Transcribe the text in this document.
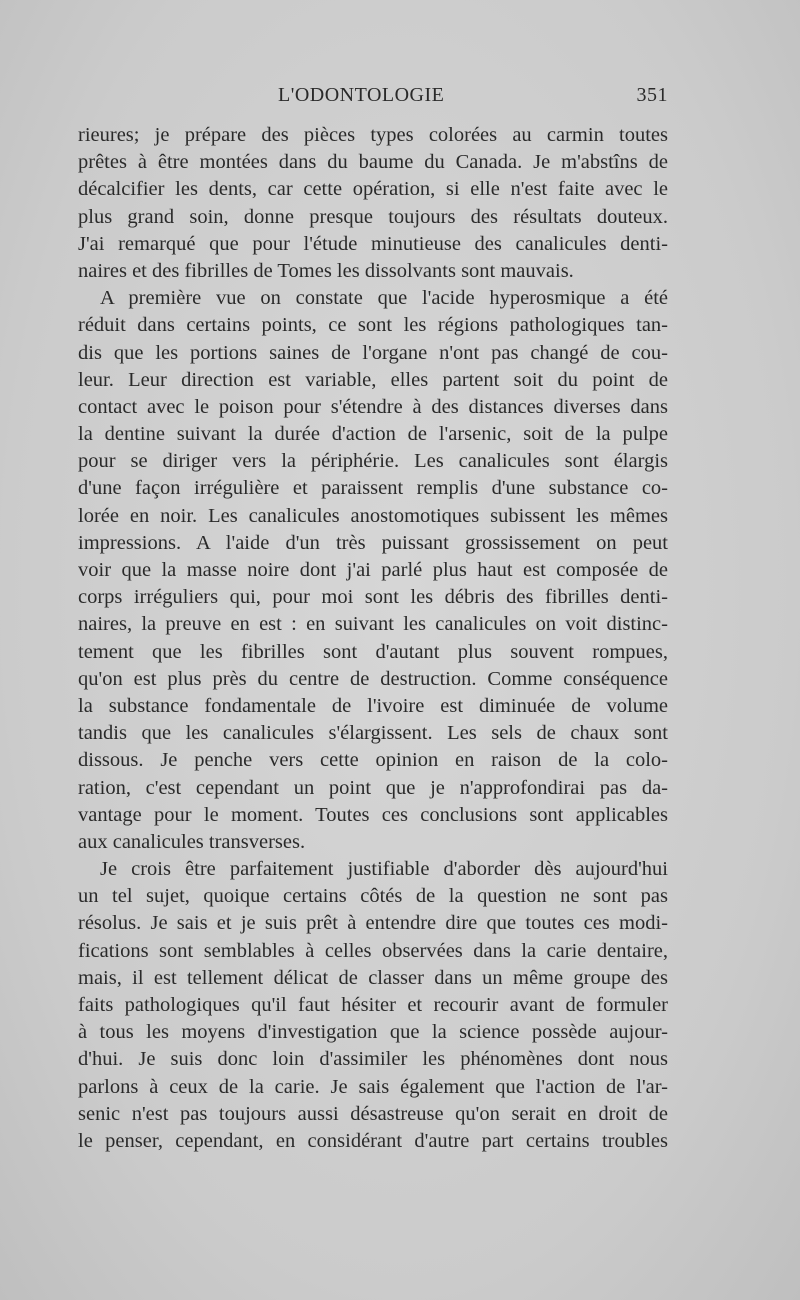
L'ODONTOLOGIE	351
rieures; je prépare des pièces types colorées au carmin toutes
prêtes à être montées dans du baume du Canada. Je m'abstîns de
décalcifier les dents, car cette opération, si elle n'est faite avec le
plus grand soin, donne presque toujours des résultats douteux.
J'ai remarqué que pour l'étude minutieuse des canalicules denti-
naires et des fibrilles de Tomes les dissolvants sont mauvais.
A première vue on constate que l'acide hyperosmique a été
réduit dans certains points, ce sont les régions pathologiques tan-
dis que les portions saines de l'organe n'ont pas changé de cou-
leur. Leur direction est variable, elles partent soit du point de
contact avec le poison pour s'étendre à des distances diverses dans
la dentine suivant la durée d'action de l'arsenic, soit de la pulpe
pour se diriger vers la périphérie. Les canalicules sont élargis
d'une façon irrégulière et paraissent remplis d'une substance co-
lorée en noir. Les canalicules anostomotiques subissent les mêmes
impressions. A l'aide d'un très puissant grossissement on peut
voir que la masse noire dont j'ai parlé plus haut est composée de
corps irréguliers qui, pour moi sont les débris des fibrilles denti-
naires, la preuve en est : en suivant les canalicules on voit distinc-
tement que les fibrilles sont d'autant plus souvent rompues,
qu'on est plus près du centre de destruction. Comme conséquence
la substance fondamentale de l'ivoire est diminuée de volume
tandis que les canalicules s'élargissent. Les sels de chaux sont
dissous. Je penche vers cette opinion en raison de la colo-
ration, c'est cependant un point que je n'approfondirai pas da-
vantage pour le moment. Toutes ces conclusions sont applicables
aux canalicules transverses.
Je crois être parfaitement justifiable d'aborder dès aujourd'hui
un tel sujet, quoique certains côtés de la question ne sont pas
résolus. Je sais et je suis prêt à entendre dire que toutes ces modi-
fications sont semblables à celles observées dans la carie dentaire,
mais, il est tellement délicat de classer dans un même groupe des
faits pathologiques qu'il faut hésiter et recourir avant de formuler
à tous les moyens d'investigation que la science possède aujour-
d'hui. Je suis donc loin d'assimiler les phénomènes dont nous
parlons à ceux de la carie. Je sais également que l'action de l'ar-
senic n'est pas toujours aussi désastreuse qu'on serait en droit de
le penser, cependant, en considérant d'autre part certains troubles
